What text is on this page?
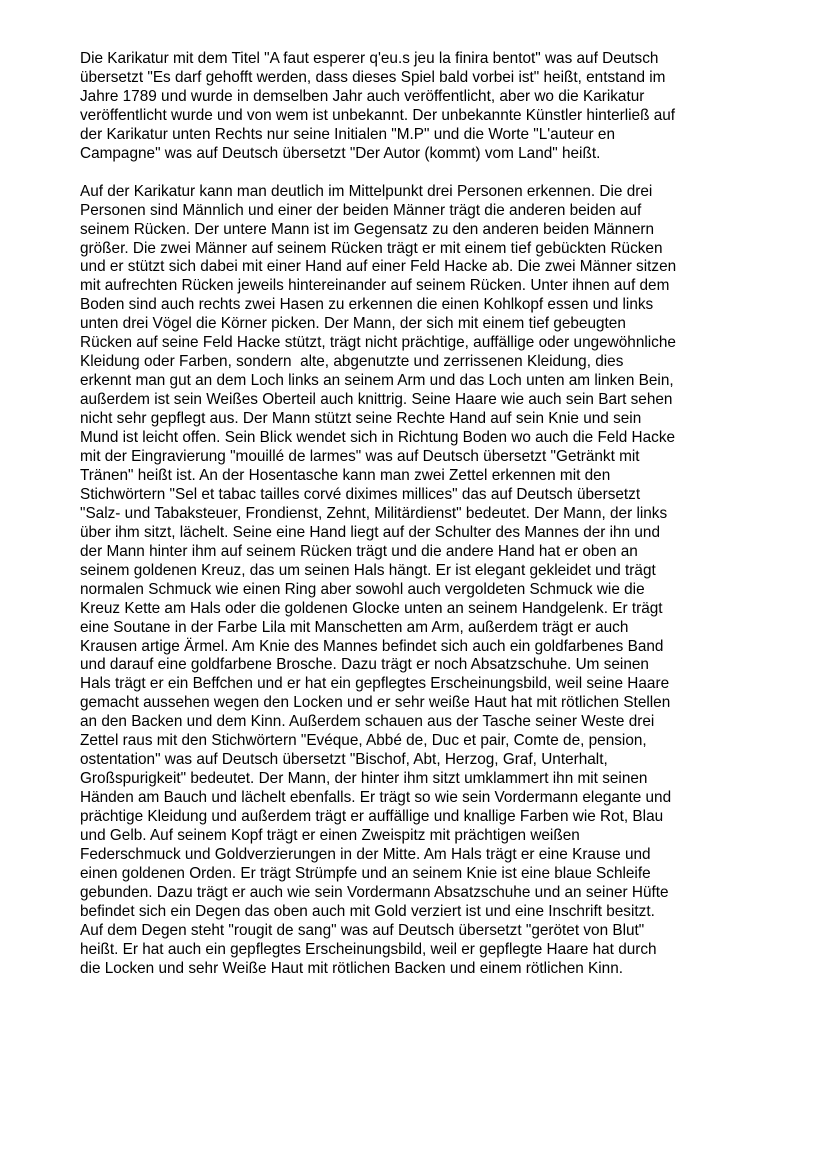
Die Karikatur mit dem Titel "A faut esperer q'eu.s jeu la finira bentot" was auf Deutsch
übersetzt "Es darf gehofft werden, dass dieses Spiel bald vorbei ist" heißt, entstand im
Jahre 1789 und wurde in demselben Jahr auch veröffentlicht, aber wo die Karikatur
veröffentlicht wurde und von wem ist unbekannt. Der unbekannte Künstler hinterließ auf
der Karikatur unten Rechts nur seine Initialen "M.P" und die Worte "L'auteur en
Campagne" was auf Deutsch übersetzt "Der Autor (kommt) vom Land" heißt.
Auf der Karikatur kann man deutlich im Mittelpunkt drei Personen erkennen. Die drei
Personen sind Männlich und einer der beiden Männer trägt die anderen beiden auf
seinem Rücken. Der untere Mann ist im Gegensatz zu den anderen beiden Männern
größer. Die zwei Männer auf seinem Rücken trägt er mit einem tief gebückten Rücken
und er stützt sich dabei mit einer Hand auf einer Feld Hacke ab. Die zwei Männer sitzen
mit aufrechten Rücken jeweils hintereinander auf seinem Rücken. Unter ihnen auf dem
Boden sind auch rechts zwei Hasen zu erkennen die einen Kohlkopf essen und links
unten drei Vögel die Körner picken. Der Mann, der sich mit einem tief gebeugten
Rücken auf seine Feld Hacke stützt, trägt nicht prächtige, auffällige oder ungewöhnliche
Kleidung oder Farben, sondern  alte, abgenutzte und zerrissenen Kleidung, dies
erkennt man gut an dem Loch links an seinem Arm und das Loch unten am linken Bein,
außerdem ist sein Weißes Oberteil auch knittrig. Seine Haare wie auch sein Bart sehen
nicht sehr gepflegt aus. Der Mann stützt seine Rechte Hand auf sein Knie und sein
Mund ist leicht offen. Sein Blick wendet sich in Richtung Boden wo auch die Feld Hacke
mit der Eingravierung "mouillé de larmes" was auf Deutsch übersetzt "Getränkt mit
Tränen" heißt ist. An der Hosentasche kann man zwei Zettel erkennen mit den
Stichwörtern "Sel et tabac tailles corvé diximes millices" das auf Deutsch übersetzt
"Salz- und Tabaksteuer, Frondienst, Zehnt, Militärdienst" bedeutet. Der Mann, der links
über ihm sitzt, lächelt. Seine eine Hand liegt auf der Schulter des Mannes der ihn und
der Mann hinter ihm auf seinem Rücken trägt und die andere Hand hat er oben an
seinem goldenen Kreuz, das um seinen Hals hängt. Er ist elegant gekleidet und trägt
normalen Schmuck wie einen Ring aber sowohl auch vergoldeten Schmuck wie die
Kreuz Kette am Hals oder die goldenen Glocke unten an seinem Handgelenk. Er trägt
eine Soutane in der Farbe Lila mit Manschetten am Arm, außerdem trägt er auch
Krausen artige Ärmel. Am Knie des Mannes befindet sich auch ein goldfarbenes Band
und darauf eine goldfarbene Brosche. Dazu trägt er noch Absatzschuhe. Um seinen
Hals trägt er ein Beffchen und er hat ein gepflegtes Erscheinungsbild, weil seine Haare
gemacht aussehen wegen den Locken und er sehr weiße Haut hat mit rötlichen Stellen
an den Backen und dem Kinn. Außerdem schauen aus der Tasche seiner Weste drei
Zettel raus mit den Stichwörtern "Evéque, Abbé de, Duc et pair, Comte de, pension,
ostentation" was auf Deutsch übersetzt "Bischof, Abt, Herzog, Graf, Unterhalt,
Großspurigkeit" bedeutet. Der Mann, der hinter ihm sitzt umklammert ihn mit seinen
Händen am Bauch und lächelt ebenfalls. Er trägt so wie sein Vordermann elegante und
prächtige Kleidung und außerdem trägt er auffällige und knallige Farben wie Rot, Blau
und Gelb. Auf seinem Kopf trägt er einen Zweispitz mit prächtigen weißen
Federschmuck und Goldverzierungen in der Mitte. Am Hals trägt er eine Krause und
einen goldenen Orden. Er trägt Strümpfe und an seinem Knie ist eine blaue Schleife
gebunden. Dazu trägt er auch wie sein Vordermann Absatzschuhe und an seiner Hüfte
befindet sich ein Degen das oben auch mit Gold verziert ist und eine Inschrift besitzt.
Auf dem Degen steht "rougit de sang" was auf Deutsch übersetzt "gerötet von Blut"
heißt. Er hat auch ein gepflegtes Erscheinungsbild, weil er gepflegte Haare hat durch
die Locken und sehr Weiße Haut mit rötlichen Backen und einem rötlichen Kinn.
